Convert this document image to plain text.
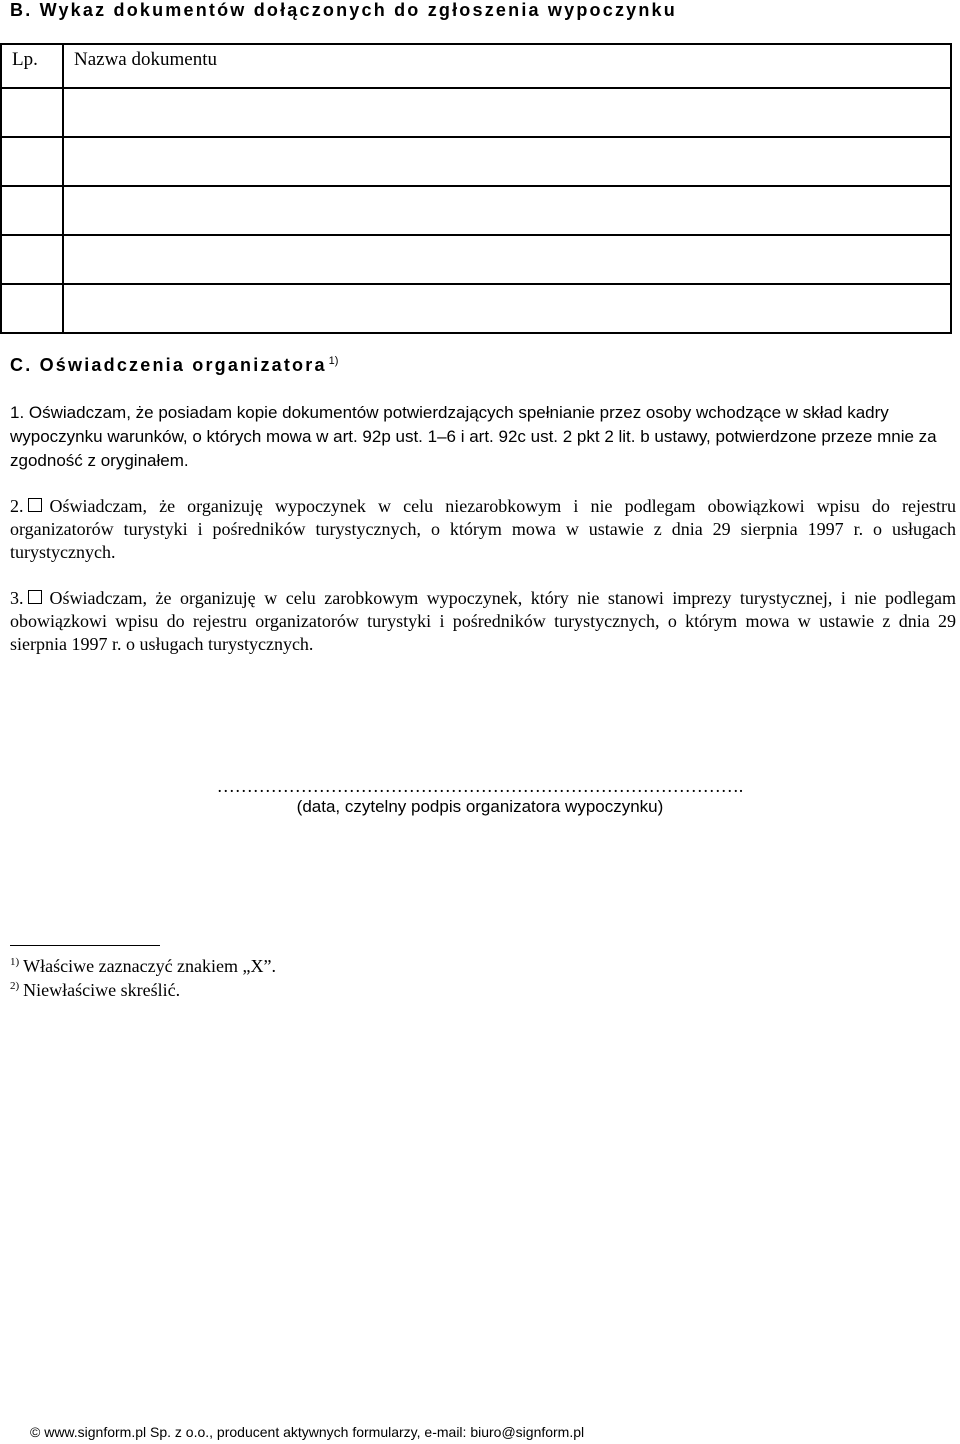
B. Wykaz dokumentów dołączonych do zgłoszenia wypoczynku
Lp.	Nazwa dokumentu

C. Oświadczenia organizatora $^{1)}$
1. Oświadczam, że posiadam kopie dokumentów potwierdzających spełnianie przez osoby wchodzące w skład kadry wypoczynku warunków, o których mowa w art. 92p ust. 1–6 i art. 92c ust. 2 pkt 2 lit. b ustawy, potwierdzone przeze mnie za zgodność z oryginałem.
2. Oświadczam, że organizuję wypoczynek w celu niezarobkowym i nie podlegam obowiązkowi wpisu do rejestru organizatorów turystyki i pośredników turystycznych, o którym mowa w ustawie z dnia 29 sierpnia 1997 r. o usługach turystycznych.
3. Oświadczam, że organizuję w celu zarobkowym wypoczynek, który nie stanowi imprezy turystycznej, i nie podlegam obowiązkowi wpisu do rejestru organizatorów turystyki i pośredników turystycznych, o którym mowa w ustawie z dnia 29 sierpnia 1997 r. o usługach turystycznych.
…………………………………………………………………………….
(data, czytelny podpis organizatora wypoczynku)
$^{1)}$ Właściwe zaznaczyć znakiem „X”.
$^{2)}$ Niewłaściwe skreślić.
© www.signform.pl Sp. z o.o., producent aktywnych formularzy, e-mail: biuro@signform.pl
